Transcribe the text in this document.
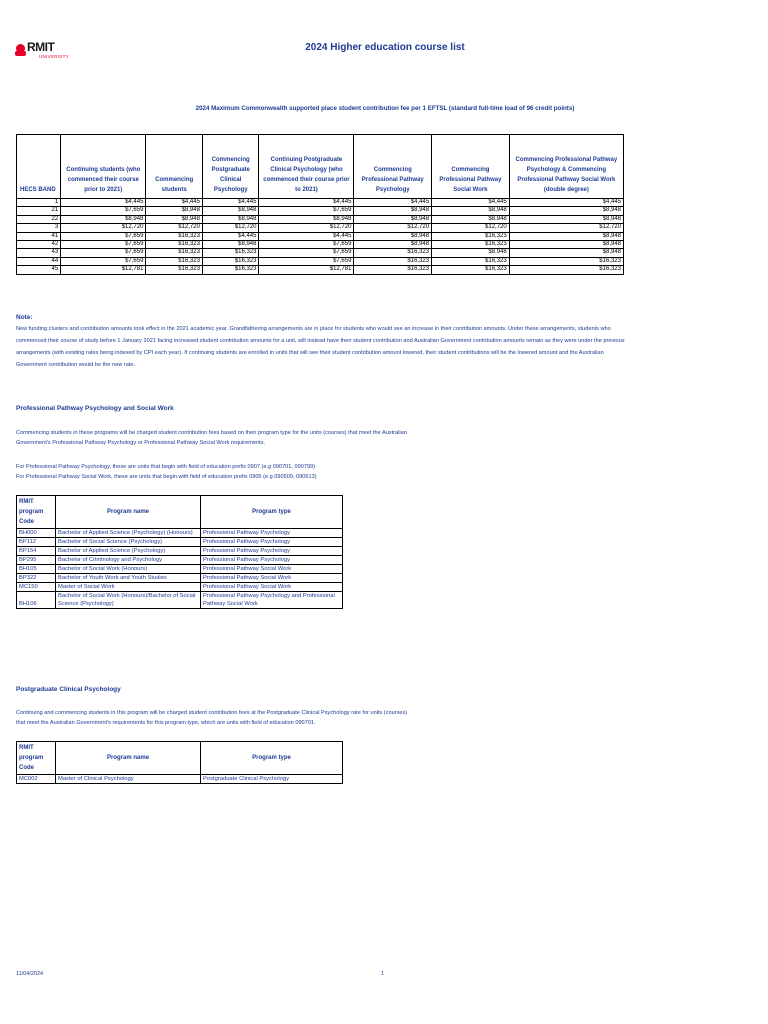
RMIT
UNIVERSITY
2024 Higher education course list
2024 Maximum Commonwealth supported place student contribution fee per 1 EFTSL (standard full-time load of 96 credit points)
HECS BAND	Continuing students (who commenced their course prior to 2021)	Commencing students	Commencing Postgraduate Clinical Psychology	Continuing Postgraduate Clinical Psychology (who commenced their course prior to 2021)	Commencing Professional Pathway Psychology	Commencing Professional Pathway Social Work	Commencing Professional Pathway Psychology & Commencing Professional Pathway Social Work (double degree)
1	$4,445	$4,445	$4,445	$4,445	$4,445	$4,445	$4,445
21	$7,659	$8,948	$8,948	$7,659	$8,948	$8,948	$8,948
22	$8,948	$8,948	$8,948	$8,948	$8,948	$8,948	$8,948
3	$12,720	$12,720	$12,720	$12,720	$12,720	$12,720	$12,720
41	$7,659	$16,323	$4,445	$4,445	$8,948	$16,323	$8,948
42	$7,659	$16,323	$8,948	$7,659	$8,948	$16,323	$8,948
43	$7,659	$16,323	$16,323	$7,659	$16,323	$8,948	$8,948
44	$7,659	$16,323	$16,323	$7,659	$16,323	$16,323	$16,323
45	$12,781	$16,323	$16,323	$12,781	$16,323	$16,323	$16,323
Note:
New funding clusters and contribution amounts took effect in the 2021 academic year. Grandfathering arrangements are in place for students who would see an increase in their contribution amounts. Under these arrangements, students who commenced their course of study before 1 January 2021 facing increased student contribution amounts for a unit, will instead have their student contribution and Australian Government contribution amounts remain as they were under the previous arrangements (with existing rates being indexed by CPI each year). If continuing students are enrolled in units that will see their student contribution amount lowered, their student contributions will be the lowered amount and the Australian Government contribution would be the new rate.
Professional Pathway Psychology and Social Work
Commencing students in these programs will be charged student contribution fees based on their program type for the units (courses) that meet the Australian Government's Professional Pathway Psychology or Professional Pathway Social Work requirements.
For Professional Pathway Psychology, these are units that begin with field of education prefix 0907 (e.g 090701, 090799)
For Professional Pathway Social Work, these are units that begin with field of education prefix 0905 (e.g 090509, 090513)
RMIT program Code	Program name	Program type
BH000	Bachelor of Applied Science (Psychology) (Honours)	Professional Pathway Psychology
BP112	Bachelor of Social Science (Psychology)	Professional Pathway Psychology
BP154	Bachelor of Applied Science (Psychology)	Professional Pathway Psychology
BP295	Bachelor of Criminology and Psychology	Professional Pathway Psychology
BH105	Bachelor of Social Work (Honours)	Professional Pathway Social Work
BP322	Bachelor of Youth Work and Youth Studies	Professional Pathway Social Work
MC150	Master of Social Work	Professional Pathway Social Work
BH106	Bachelor of Social Work (Honours)/Bachelor of Social Science (Psychology)	Professional Pathway Psychology and Professional Pathway Social Work
Postgraduate Clinical Psychology
Continuing and commencing students in this program will be charged student contribution fees at the Postgraduate Clinical Psychology rate for units (courses) that meet the Australian Government's requirements for this program type, which are units with field of education 090701.
RMIT program Code	Program name	Program type
MC002	Master of Clinical Psychology	Postgraduate Clinical Psychology
11/04/2024	1
